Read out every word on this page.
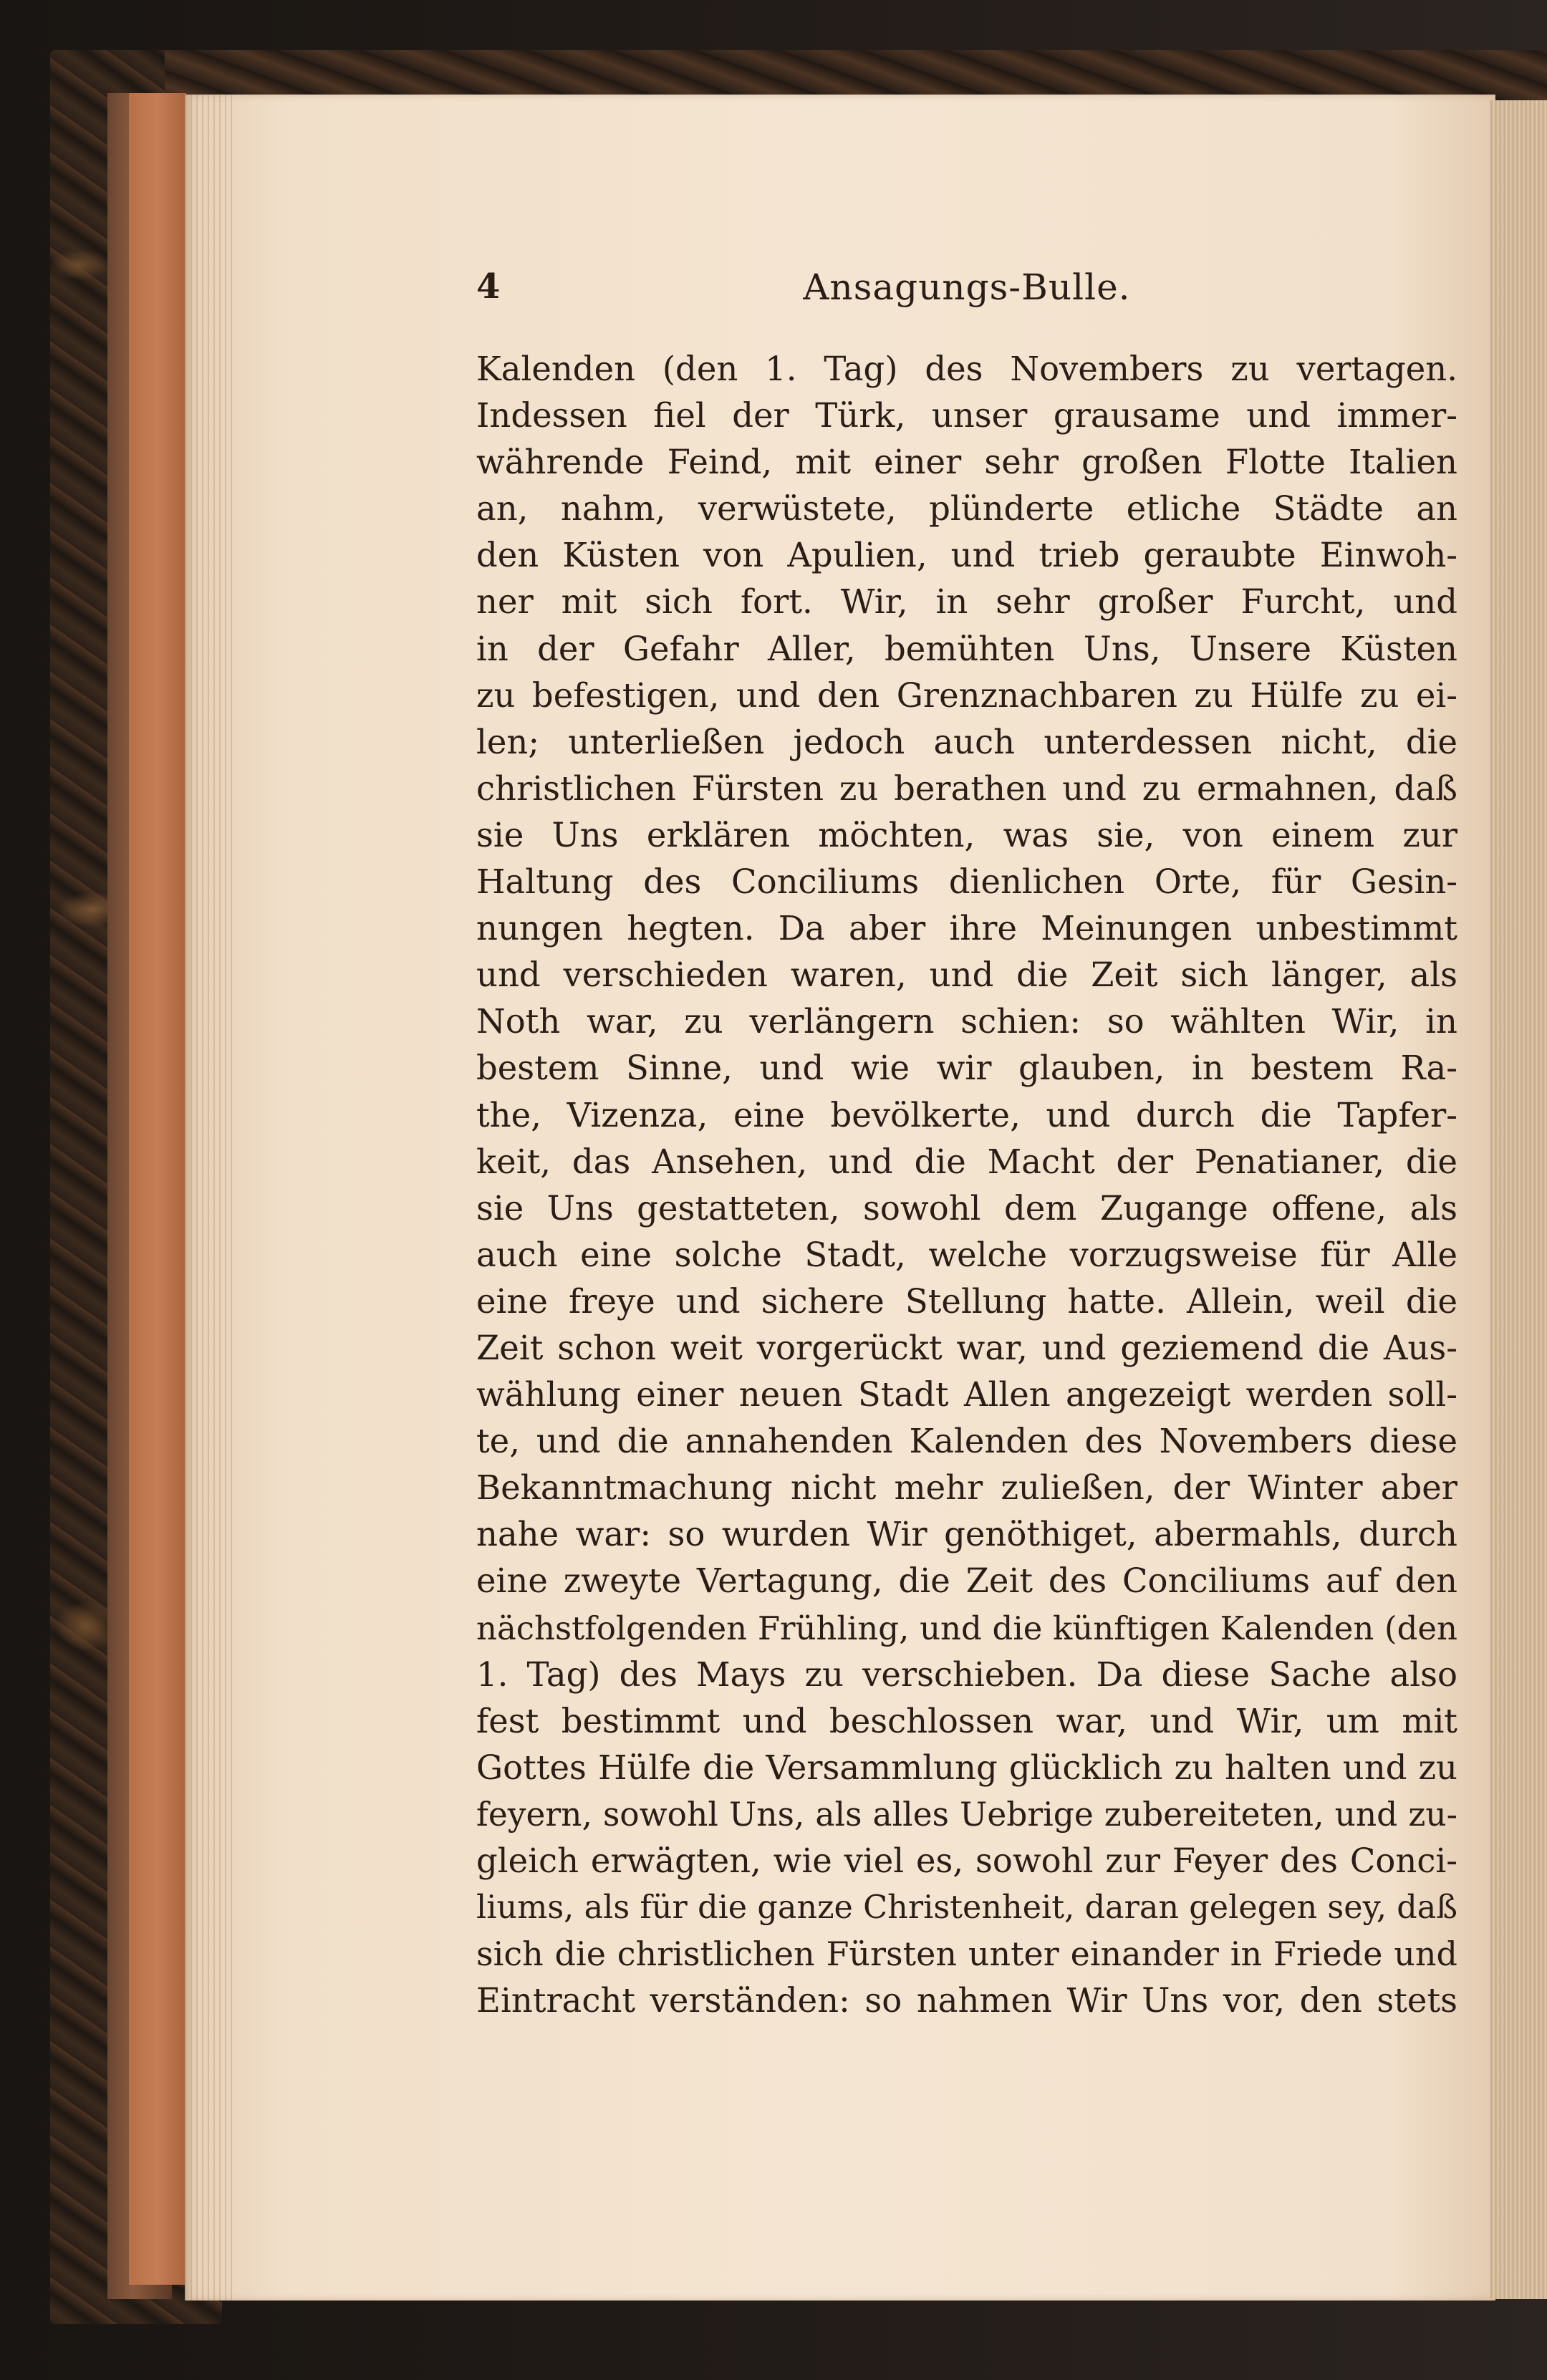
4	Ansagungs-Bulle.
Kalenden (den 1. Tag) des Novembers zu vertagen.
Indessen fiel der Türk, unser grausame und immer-
währende Feind, mit einer sehr großen Flotte Italien
an, nahm, verwüstete, plünderte etliche Städte an
den Küsten von Apulien, und trieb geraubte Einwoh-
ner mit sich fort. Wir, in sehr großer Furcht, und
in der Gefahr Aller, bemühten Uns, Unsere Küsten
zu befestigen, und den Grenznachbaren zu Hülfe zu ei-
len; unterließen jedoch auch unterdessen nicht, die
christlichen Fürsten zu berathen und zu ermahnen, daß
sie Uns erklären möchten, was sie, von einem zur
Haltung des Conciliums dienlichen Orte, für Gesin-
nungen hegten. Da aber ihre Meinungen unbestimmt
und verschieden waren, und die Zeit sich länger, als
Noth war, zu verlängern schien: so wählten Wir, in
bestem Sinne, und wie wir glauben, in bestem Ra-
the, Vizenza, eine bevölkerte, und durch die Tapfer-
keit, das Ansehen, und die Macht der Penatianer, die
sie Uns gestatteten, sowohl dem Zugange offene, als
auch eine solche Stadt, welche vorzugsweise für Alle
eine freye und sichere Stellung hatte. Allein, weil die
Zeit schon weit vorgerückt war, und geziemend die Aus-
wählung einer neuen Stadt Allen angezeigt werden soll-
te, und die annahenden Kalenden des Novembers diese
Bekanntmachung nicht mehr zuließen, der Winter aber
nahe war: so wurden Wir genöthiget, abermahls, durch
eine zweyte Vertagung, die Zeit des Conciliums auf den
nächstfolgenden Frühling, und die künftigen Kalenden (den
1. Tag) des Mays zu verschieben. Da diese Sache also
fest bestimmt und beschlossen war, und Wir, um mit
Gottes Hülfe die Versammlung glücklich zu halten und zu
feyern, sowohl Uns, als alles Uebrige zubereiteten, und zu-
gleich erwägten, wie viel es, sowohl zur Feyer des Conci-
liums, als für die ganze Christenheit, daran gelegen sey, daß
sich die christlichen Fürsten unter einander in Friede und
Eintracht verständen: so nahmen Wir Uns vor, den stets
